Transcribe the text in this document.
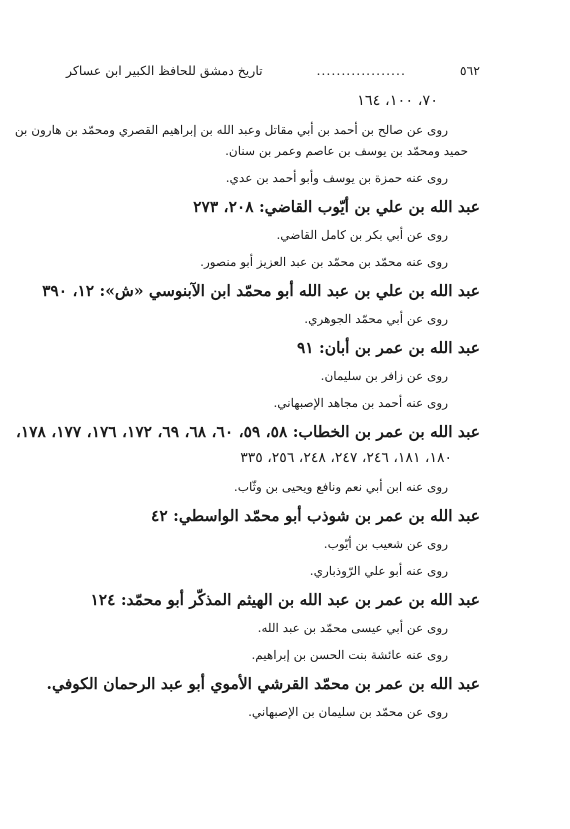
٥٦٢
..................
تاريخ دمشق للحافظ الكبير ابن عساكر
٧٠، ١٠٠، ١٦٤
روى عن صالح بن أحمد بن أبي مقاتل وعبد الله بن إبراهيم القصري ومحمّد بن هارون بن
حميد ومحمّد بن يوسف بن عاصم وعمر بن سنان.
روى عنه حمزة بن يوسف وأبو أحمد بن عدي.
عبد الله بن علي بن أيّوب القاضي: ٢٠٨، ٢٧٣
روى عن أبي بكر بن كامل القاضي.
روى عنه محمّد بن محمّد بن عبد العزيز أبو منصور.
عبد الله بن علي بن عبد الله أبو محمّد ابن الآبنوسي «ش»: ١٢، ٣٩٠
روى عن أبي محمّد الجوهري.
عبد الله بن عمر بن أبان: ٩١
روى عن زافر بن سليمان.
روى عنه أحمد بن مجاهد الإصبهاني.
عبد الله بن عمر بن الخطاب: ٥٨، ٥٩، ٦٠، ٦٨، ٦٩، ١٧٢، ١٧٦، ١٧٧، ١٧٨،
١٨٠، ١٨١، ٢٤٦، ٢٤٧، ٢٤٨، ٢٥٦، ٣٣٥
روى عنه ابن أبي نعم ونافع ويحيى بن وثّاب.
عبد الله بن عمر بن شوذب أبو محمّد الواسطي: ٤٢
روى عن شعيب بن أيّوب.
روى عنه أبو علي الرّوذباري.
عبد الله بن عمر بن عبد الله بن الهيثم المذكّر أبو محمّد: ١٢٤
روى عن أبي عيسى محمّد بن عبد الله.
روى عنه عائشة بنت الحسن بن إبراهيم.
عبد الله بن عمر بن محمّد القرشي الأموي أبو عبد الرحمان الكوفي.
روى عن محمّد بن سليمان بن الإصبهاني.
